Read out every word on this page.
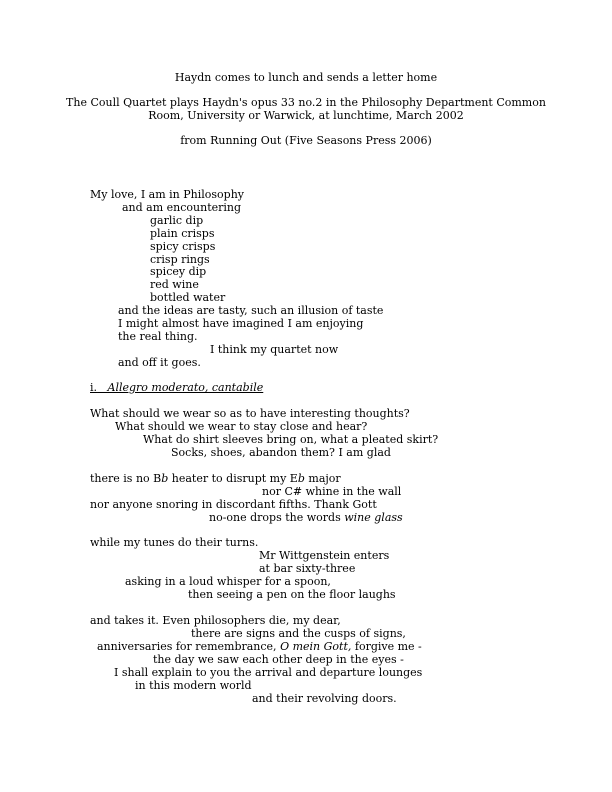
Haydn comes to lunch and sends a letter home
The Coull Quartet plays Haydn's opus 33 no.2 in the Philosophy Department Common
Room, University or Warwick, at lunchtime, March 2002
from Running Out (Five Seasons Press 2006)
My love, I am in Philosophy
and am encountering
garlic dip
plain crisps
spicy crisps
crisp rings
spicey dip
red wine
bottled water
and the ideas are tasty, such an illusion of taste
I might almost have imagined I am enjoying
the real thing.
I think my quartet now
and off it goes.
i. Allegro moderato, cantabile
What should we wear so as to have interesting thoughts?
What should we wear to stay close and hear?
What do shirt sleeves bring on, what a pleated skirt?
Socks, shoes, abandon them? I am glad
there is no Bb heater to disrupt my Eb major
nor C# whine in the wall
nor anyone snoring in discordant fifths. Thank Gott
no-one drops the words wine glass
while my tunes do their turns.
Mr Wittgenstein enters
at bar sixty-three
asking in a loud whisper for a spoon,
then seeing a pen on the floor laughs
and takes it. Even philosophers die, my dear,
there are signs and the cusps of signs,
anniversaries for remembrance, O mein Gott, forgive me -
the day we saw each other deep in the eyes -
I shall explain to you the arrival and departure lounges
in this modern world
and their revolving doors.
